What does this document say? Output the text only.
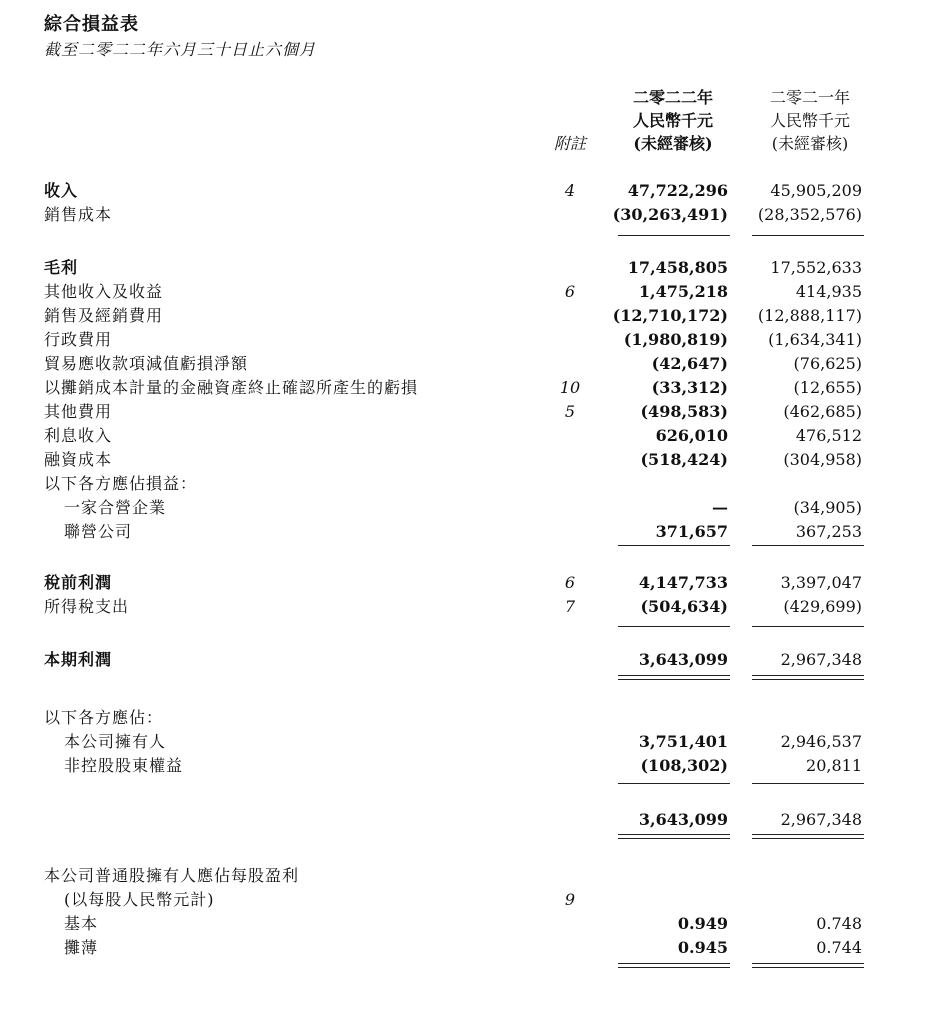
綜合損益表
截至二零二二年六月三十日止六個月
二零二二年
人民幣千元
(未經審核)
二零二一年
人民幣千元
(未經審核)
附註
收入	4	47,722,296	45,905,209
銷售成本	(30,263,491)	(28,352,576)
毛利	17,458,805	17,552,633
其他收入及收益	6	1,475,218	414,935
銷售及經銷費用	(12,710,172)	(12,888,117)
行政費用	(1,980,819)	(1,634,341)
貿易應收款項減值虧損淨額	(42,647)	(76,625)
以攤銷成本計量的金融資產終止確認所產生的虧損	10	(33,312)	(12,655)
其他費用	5	(498,583)	(462,685)
利息收入	626,010	476,512
融資成本	(518,424)	(304,958)
以下各方應佔損益：
一家合營企業	—	(34,905)
聯營公司	371,657	367,253
稅前利潤	6	4,147,733	3,397,047
所得稅支出	7	(504,634)	(429,699)
本期利潤	3,643,099	2,967,348
以下各方應佔：
本公司擁有人	3,751,401	2,946,537
非控股股東權益	(108,302)	20,811
3,643,099	2,967,348
本公司普通股擁有人應佔每股盈利
(以每股人民幣元計)	9
基本	0.949	0.748
攤薄	0.945	0.744
